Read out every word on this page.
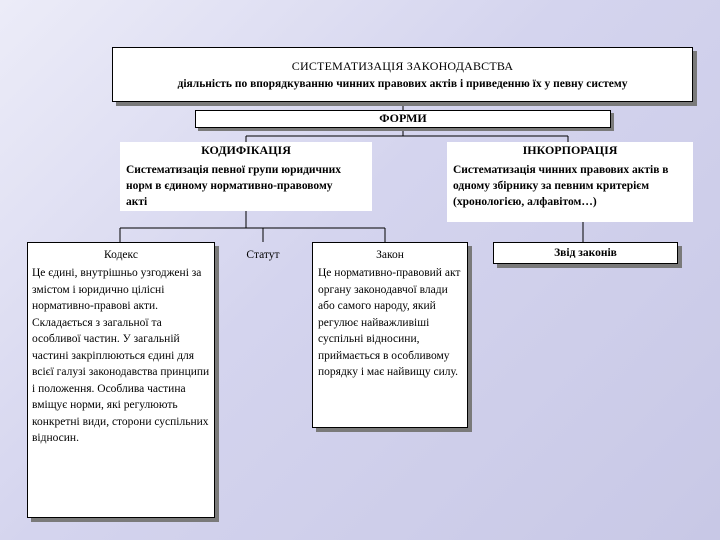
СИСТЕМАТИЗАЦІЯ ЗАКОНОДАВСТВА
діяльність по впорядкуванню чинних правових актів і приведенню їх у певну систему
ФОРМИ
КОДИФІКАЦІЯ
Систематизація певної групи юридичних норм в єдиному нормативно-правовому акті
ІНКОРПОРАЦІЯ
Систематизація чинних правових актів в одному збірнику за певним критерієм (хронологією, алфавітом…)
Кодекс
Це єдині, внутрішньо узгоджені за змістом і юридично цілісні нормативно-правові акти. Складається з загальної та особливої частин. У загальній частині закріплюються єдині для всієї галузі законодавства принципи і положення. Особлива частина вміщує норми, які регулюють конкретні види, сторони суспільних відносин.
Статут	Закон
Це нормативно-правовий акт органу законодавчої влади або самого народу, який регулює найважливіші суспільні відносини, приймається в особливому порядку і має найвищу силу.
Звід законів
